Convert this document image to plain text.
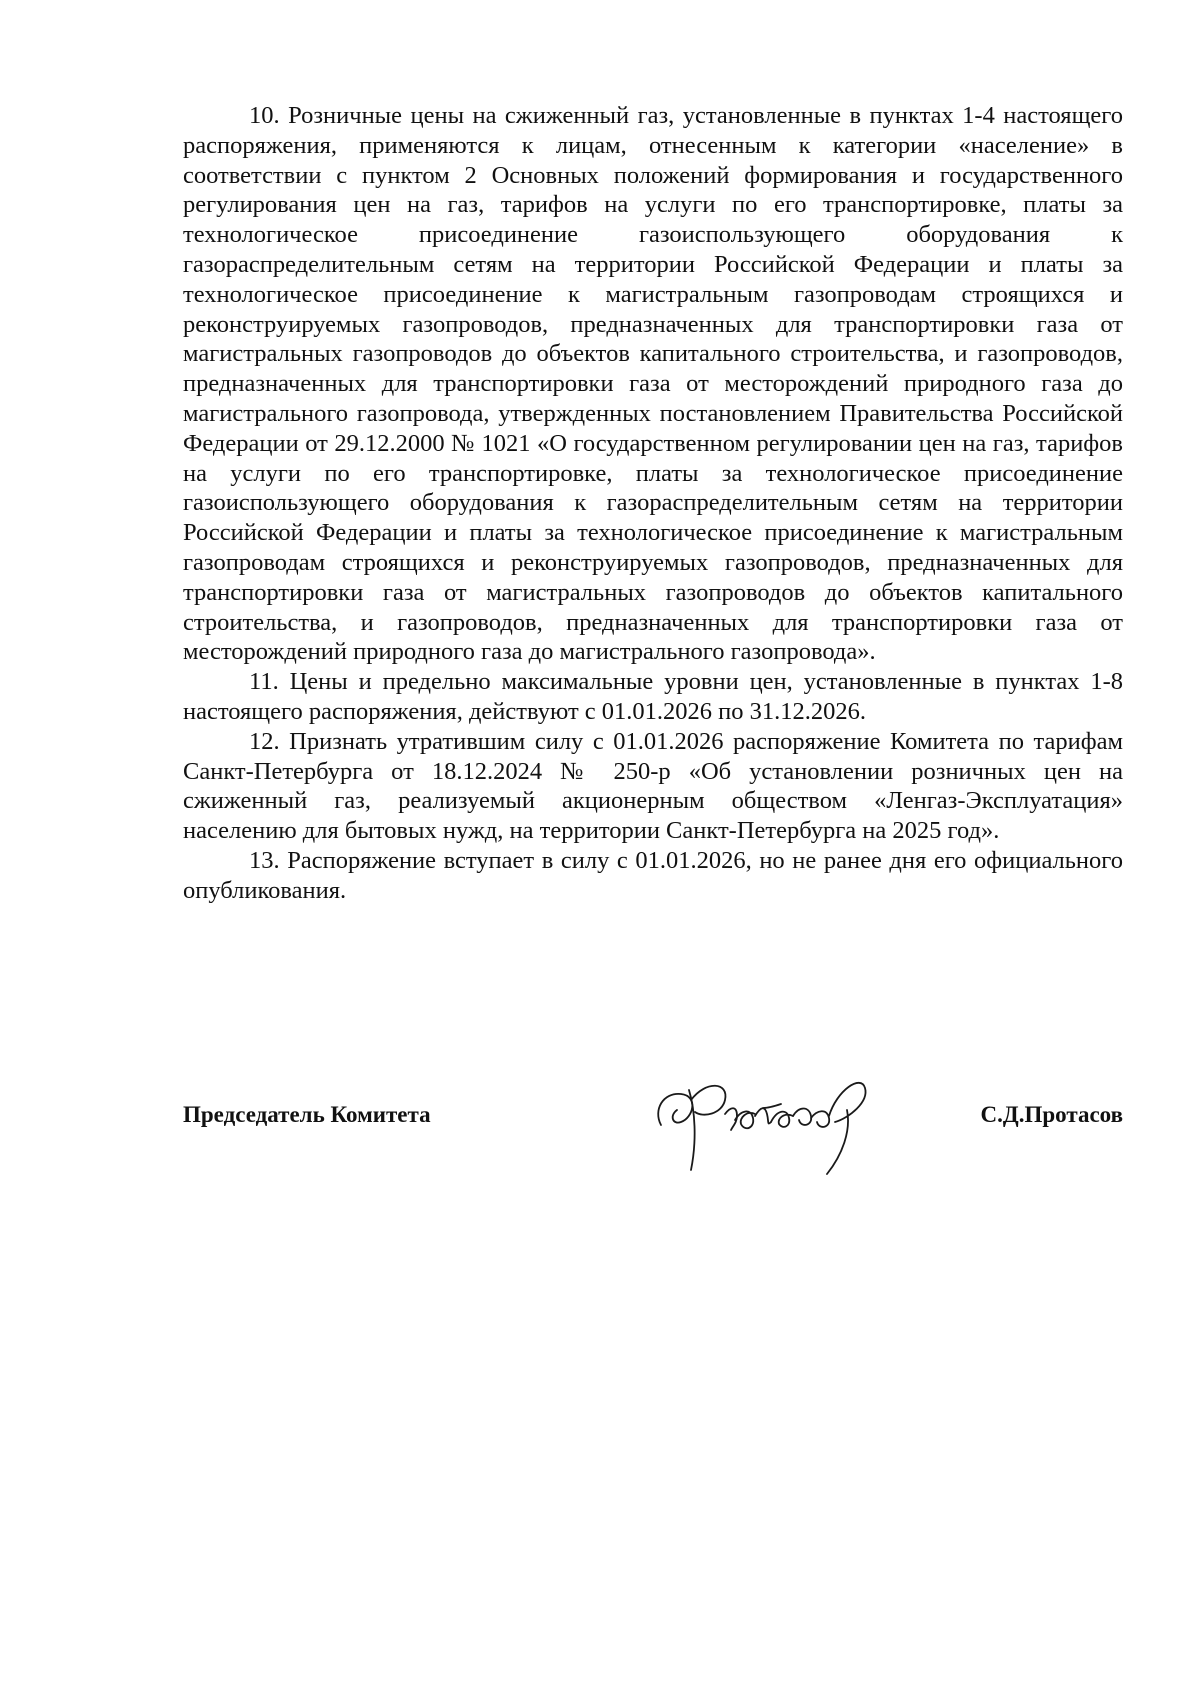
10. Розничные цены на сжиженный газ, установленные в пунктах 1-4 настоящего распоряжения, применяются к лицам, отнесенным к категории «население» в соответствии с пунктом 2 Основных положений формирования и государственного регулирования цен на газ, тарифов на услуги по его транспортировке, платы за технологическое присоединение газоиспользующего оборудования к газораспределительным сетям на территории Российской Федерации и платы за технологическое присоединение к магистральным газопроводам строящихся и реконструируемых газопроводов, предназначенных для транспортировки газа от магистральных газопроводов до объектов капитального строительства, и газопроводов, предназначенных для транспортировки газа от месторождений природного газа до магистрального газопровода, утвержденных постановлением Правительства Российской Федерации от 29.12.2000 № 1021 «О государственном регулировании цен на газ, тарифов на услуги по его транспортировке, платы за технологическое присоединение газоиспользующего оборудования к газораспределительным сетям на территории Российской Федерации и платы за технологическое присоединение к магистральным газопроводам строящихся и реконструируемых газопроводов, предназначенных для транспортировки газа от магистральных газопроводов до объектов капитального строительства, и газопроводов, предназначенных для транспортировки газа от месторождений природного газа до магистрального газопровода».

11. Цены и предельно максимальные уровни цен, установленные в пунктах 1-8 настоящего распоряжения, действуют с 01.01.2026 по 31.12.2026.

12. Признать утратившим силу с 01.01.2026 распоряжение Комитета по тарифам Санкт-Петербурга от 18.12.2024 № 250-р «Об установлении розничных цен на сжиженный газ, реализуемый акционерным обществом «Ленгаз-Эксплуатация» населению для бытовых нужд, на территории Санкт-Петербурга на 2025 год».

13. Распоряжение вступает в силу с 01.01.2026, но не ранее дня его официального опубликования.

Председатель Комитета	С.Д.Протасов
